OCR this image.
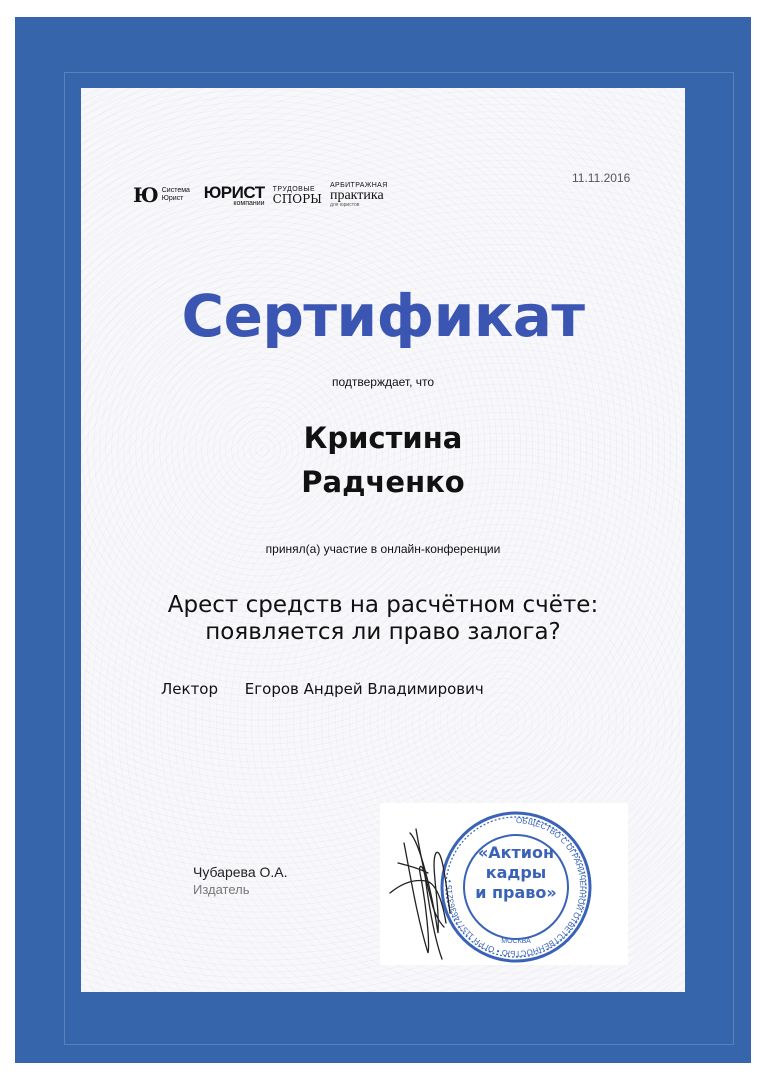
Ю Система Юрист	ЮРИСТ
компании
ТРУДОВЫЕ
СПОРЫ
АРБИТРАЖНАЯ
практика
для юристов
11.11.2016
Сертификат
подтверждает, что
Кристина
Радченко
принял(а) участие в онлайн-конференции
Арест средств на расчётном счёте:
появляется ли право залога?
Лектор Егоров Андрей Владимирович
Чубарева О.А.
Издатель
ОБЩЕСТВО С ОГРАНИЧЕННОЙ ОТВЕТСТВЕННОСТЬЮ • ОГРН 1157746363215 •
МОСКВА
«Актион
кадры
и право»
